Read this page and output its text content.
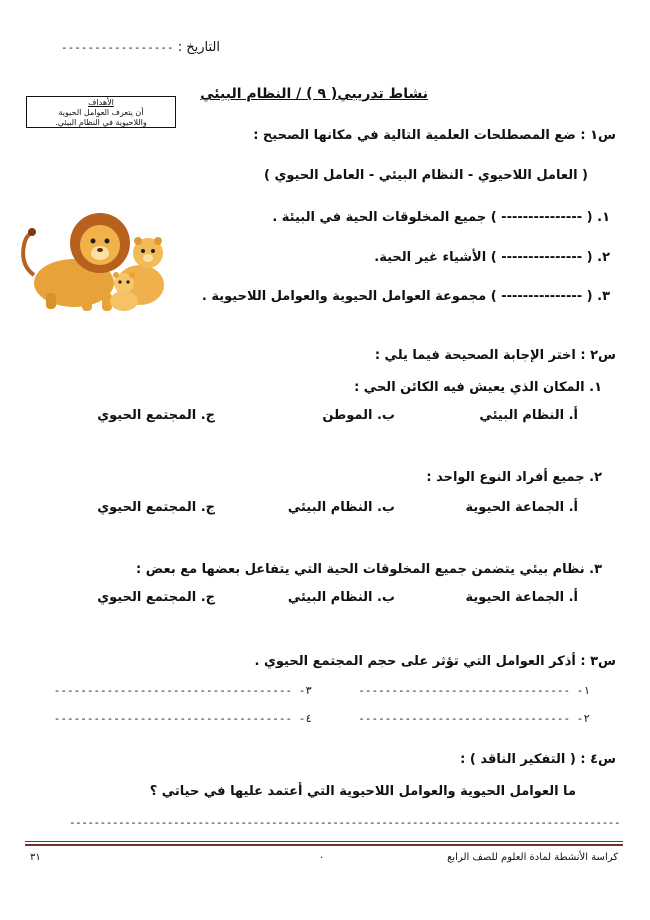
التاريخ : -----------------
نشاط تدريبي( ٩ ) / النظام البيئي
الأهداف
أن يتعرف العوامل الحيوية
واللاحيوية في النظام البيئي.
س١ : ضع المصطلحات العلمية التالية في مكانها الصحيح :
( العامل اللاحيوي - النظام البيئي - العامل الحيوي )
١. ( --------------- ) جميع المخلوقات الحية في البيئة .
٢. ( --------------- ) الأشياء غير الحية.
٣. ( --------------- ) مجموعة العوامل الحيوية والعوامل اللاحيوية .
س٢ : اختر الإجابة الصحيحة فيما يلي :
١. المكان الذي يعيش فيه الكائن الحي :
أ. النظام البيئي
ب. الموطن
ج. المجتمع الحيوي
٢. جميع أفراد النوع الواحد :
أ. الجماعة الحيوية
ب. النظام البيئي
ج. المجتمع الحيوي
٣. نظام بيئي يتضمن جميع المخلوقات الحية التي يتفاعل بعضها مع بعض :
أ. الجماعة الحيوية
ب. النظام البيئي
ج. المجتمع الحيوي
س٣ : أذكر العوامل التي تؤثر على حجم المجتمع الحيوي .
١- --------------------------------
٣- ------------------------------------
٢- --------------------------------
٤- ------------------------------------
س٤ : ( التفكير الناقد ) :
ما العوامل الحيوية والعوامل اللاحيوية التي أعتمد عليها في حياتي ؟
------------------------------------------------------------------------------------------
كراسة الأنشطة لمادة العلوم للصف الرابع
.
٣١
